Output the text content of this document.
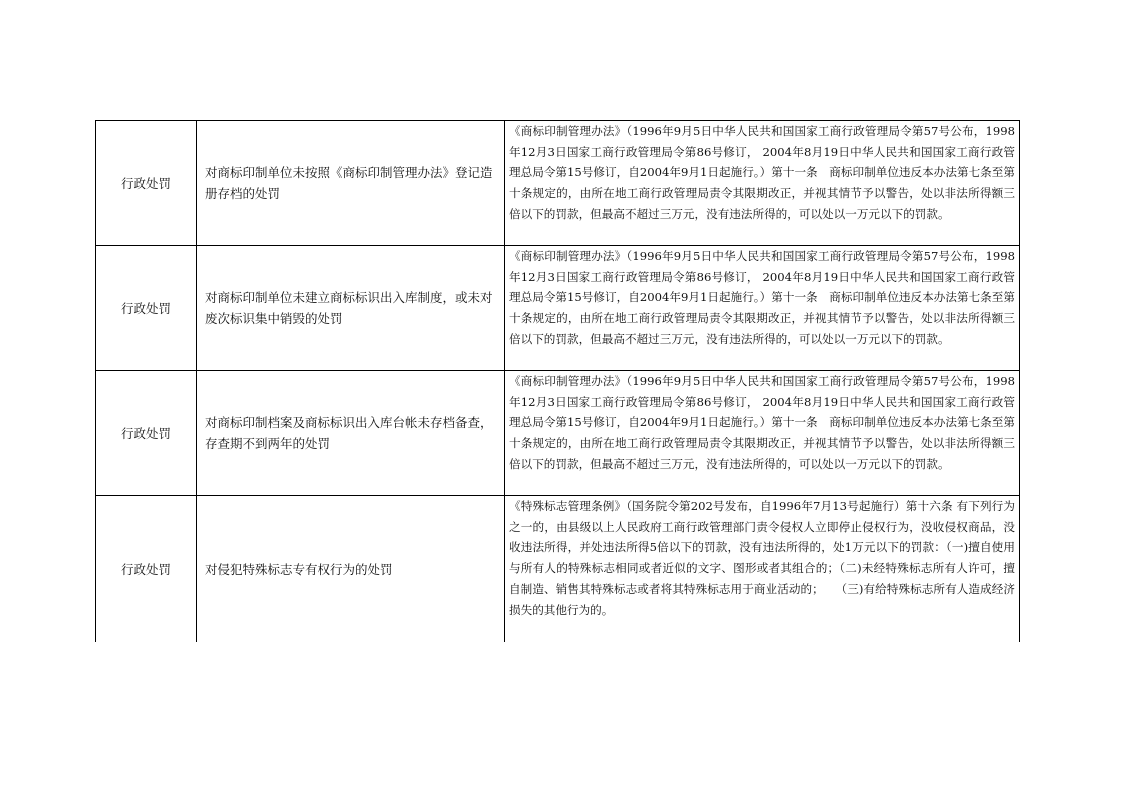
行政处罚	对商标印制单位未按照《商标印制管理办法》登记造册存档的处罚	《商标印制管理办法》（1996年9月5日中华人民共和国国家工商行政管理局令第57号公布，1998年12月3日国家工商行政管理局令第86号修订， 2004年8月19日中华人民共和国国家工商行政管理总局令第15号修订，自2004年9月1日起施行。）第十一条　商标印制单位违反本办法第七条至第十条规定的，由所在地工商行政管理局责令其限期改正，并视其情节予以警告，处以非法所得额三倍以下的罚款，但最高不超过三万元，没有违法所得的，可以处以一万元以下的罚款。
行政处罚	对商标印制单位未建立商标标识出入库制度，或未对废次标识集中销毁的处罚	《商标印制管理办法》（1996年9月5日中华人民共和国国家工商行政管理局令第57号公布，1998年12月3日国家工商行政管理局令第86号修订， 2004年8月19日中华人民共和国国家工商行政管理总局令第15号修订，自2004年9月1日起施行。）第十一条　商标印制单位违反本办法第七条至第十条规定的，由所在地工商行政管理局责令其限期改正，并视其情节予以警告，处以非法所得额三倍以下的罚款，但最高不超过三万元，没有违法所得的，可以处以一万元以下的罚款。
行政处罚	对商标印制档案及商标标识出入库台帐未存档备查，存查期不到两年的处罚	《商标印制管理办法》（1996年9月5日中华人民共和国国家工商行政管理局令第57号公布，1998年12月3日国家工商行政管理局令第86号修订， 2004年8月19日中华人民共和国国家工商行政管理总局令第15号修订，自2004年9月1日起施行。）第十一条　商标印制单位违反本办法第七条至第十条规定的，由所在地工商行政管理局责令其限期改正，并视其情节予以警告，处以非法所得额三倍以下的罚款，但最高不超过三万元，没有违法所得的，可以处以一万元以下的罚款。
行政处罚	对侵犯特殊标志专有权行为的处罚	《特殊标志管理条例》（国务院令第202号发布，自1996年7月13号起施行）第十六条 有下列行为之一的，由县级以上人民政府工商行政管理部门责令侵权人立即停止侵权行为，没收侵权商品，没收违法所得，并处违法所得5倍以下的罚款，没有违法所得的，处1万元以下的罚款：（一)擅自使用与所有人的特殊标志相同或者近似的文字、图形或者其组合的；（二)未经特殊标志所有人许可，擅自制造、销售其特殊标志或者将其特殊标志用于商业活动的；　　（三)有给特殊标志所有人造成经济损失的其他行为的。
